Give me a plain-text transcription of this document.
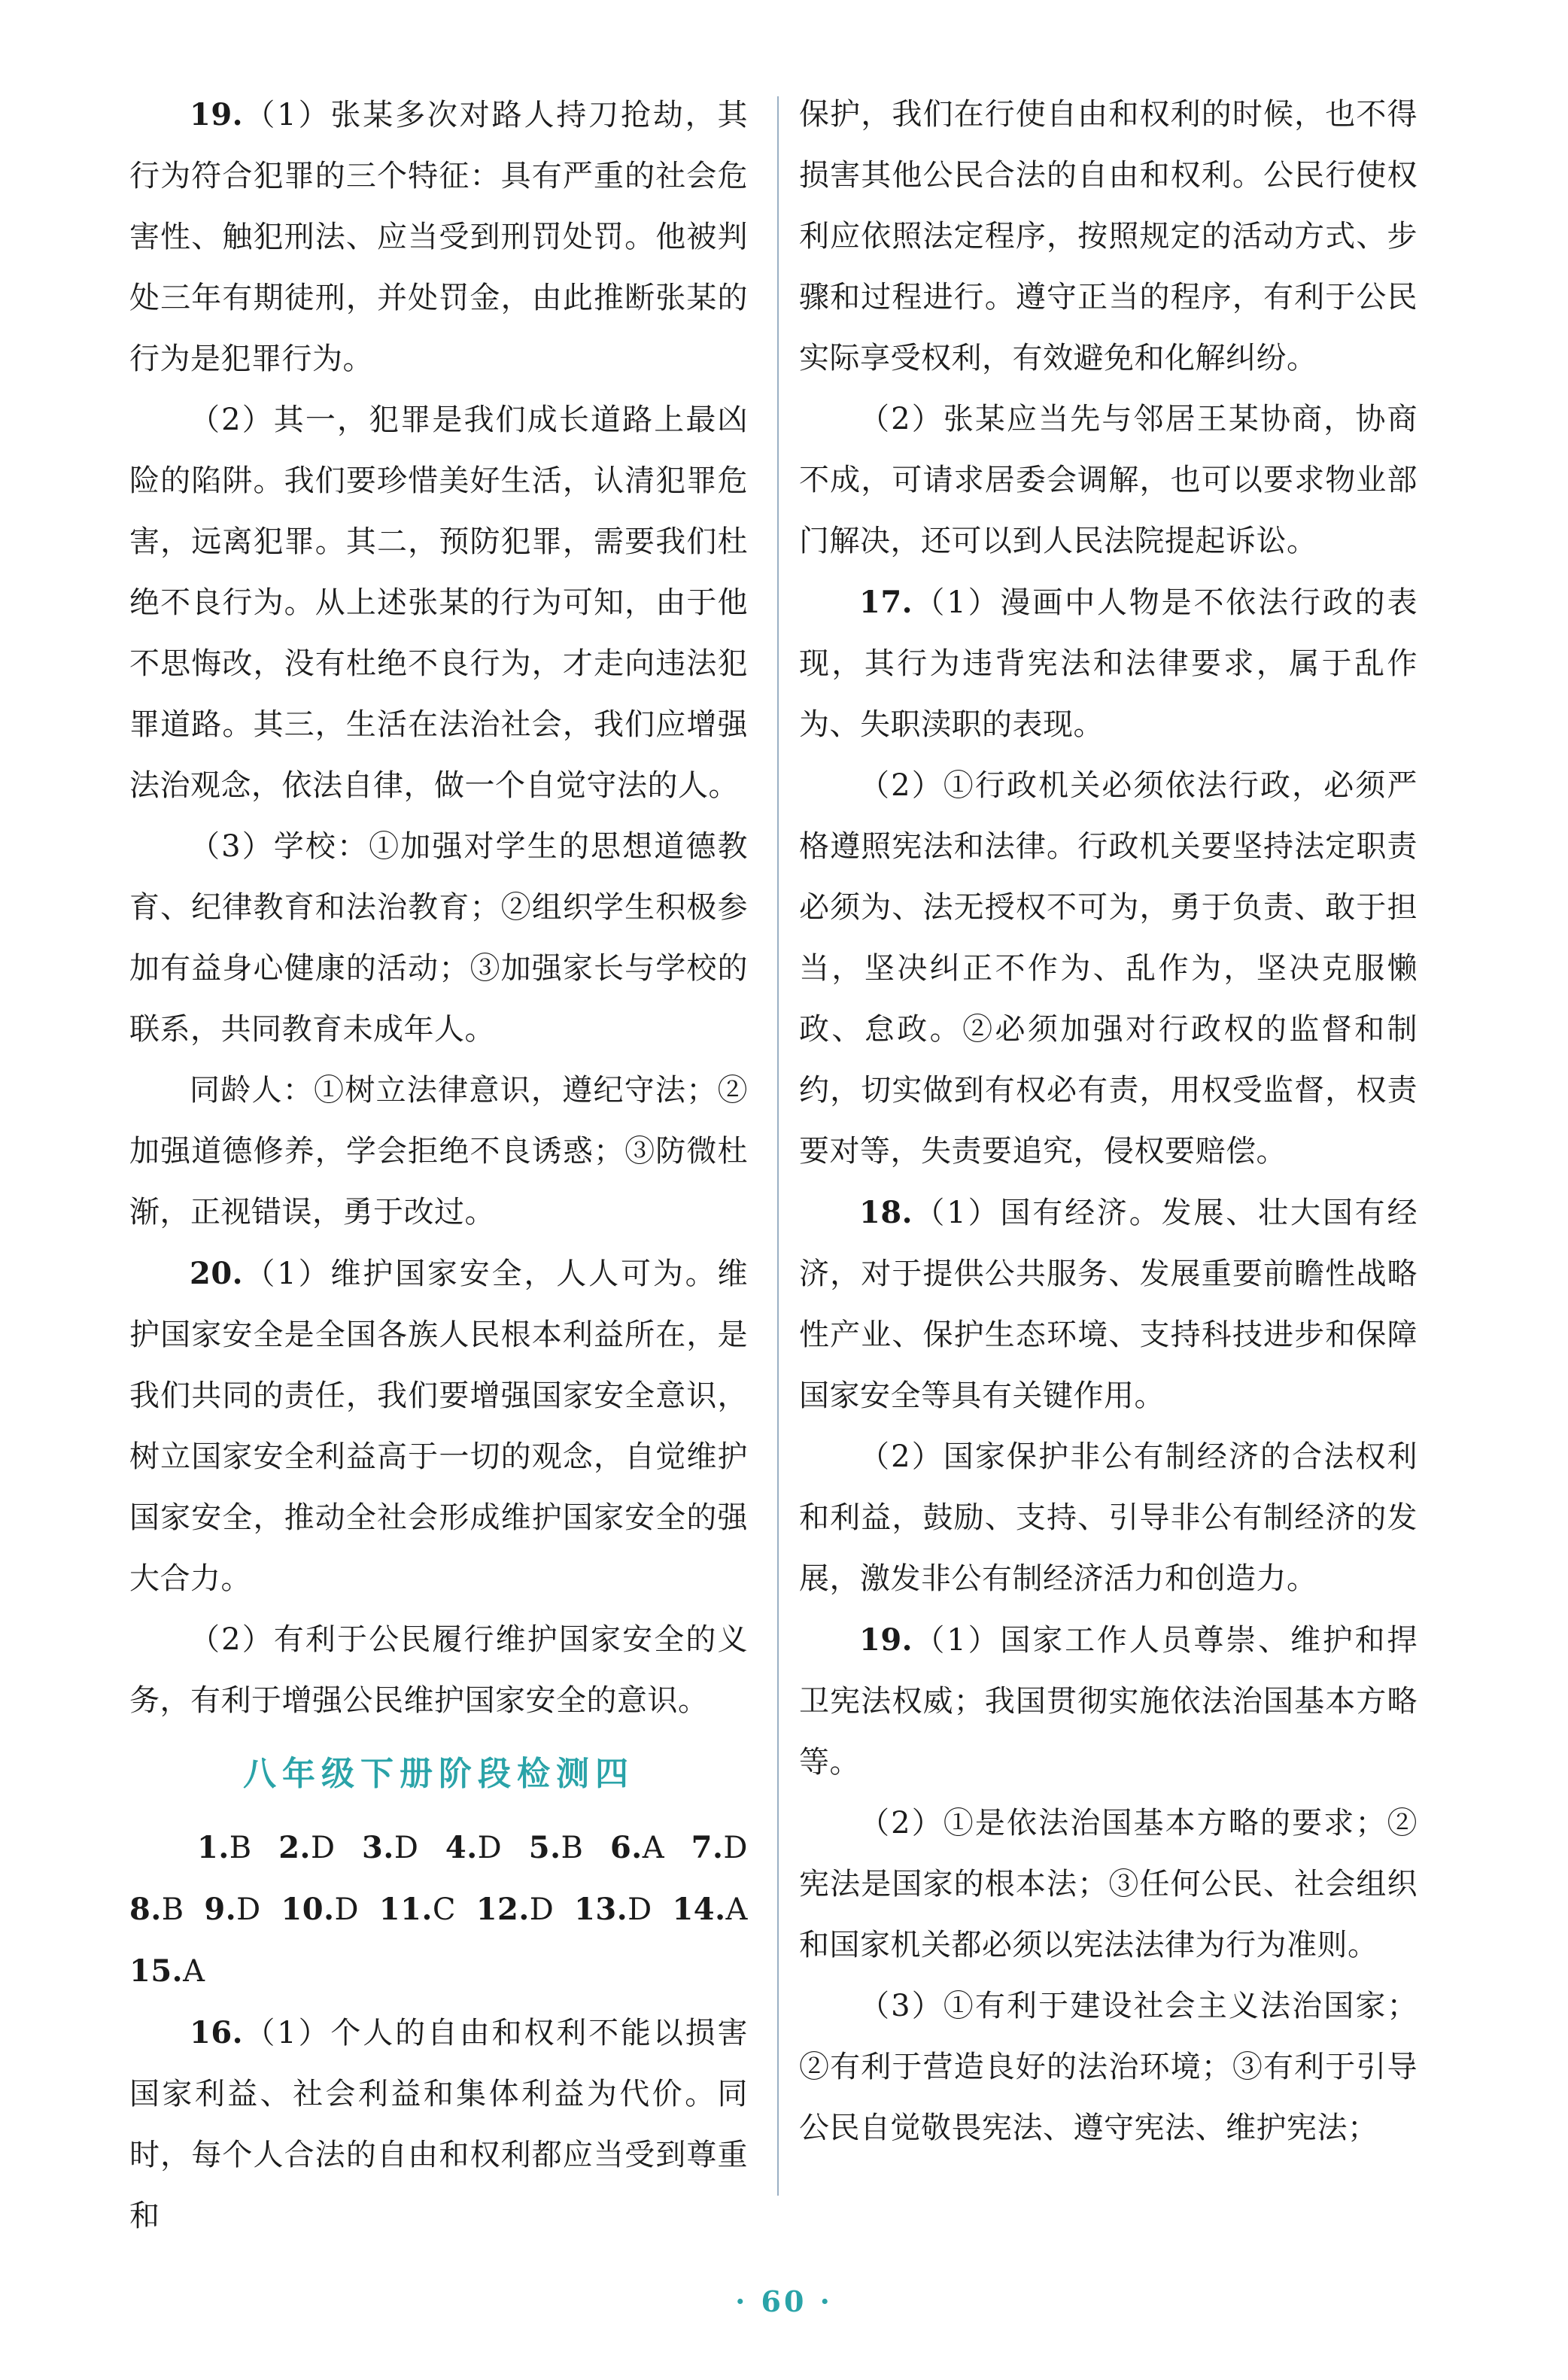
19.（1）张某多次对路人持刀抢劫，其行为符合犯罪的三个特征：具有严重的社会危害性、触犯刑法、应当受到刑罚处罚。他被判处三年有期徒刑，并处罚金，由此推断张某的行为是犯罪行为。

（2）其一，犯罪是我们成长道路上最凶险的陷阱。我们要珍惜美好生活，认清犯罪危害，远离犯罪。其二，预防犯罪，需要我们杜绝不良行为。从上述张某的行为可知，由于他不思悔改，没有杜绝不良行为，才走向违法犯罪道路。其三，生活在法治社会，我们应增强法治观念，依法自律，做一个自觉守法的人。

（3）学校：①加强对学生的思想道德教育、纪律教育和法治教育；②组织学生积极参加有益身心健康的活动；③加强家长与学校的联系，共同教育未成年人。

同龄人：①树立法律意识，遵纪守法；②加强道德修养，学会拒绝不良诱惑；③防微杜渐，正视错误，勇于改过。

20.（1）维护国家安全，人人可为。维护国家安全是全国各族人民根本利益所在，是我们共同的责任，我们要增强国家安全意识，树立国家安全利益高于一切的观念，自觉维护国家安全，推动全社会形成维护国家安全的强大合力。

（2）有利于公民履行维护国家安全的义务，有利于增强公民维护国家安全的意识。

八年级下册阶段检测四
1.B 2.D 3.D 4.D 5.B 6.A 7.D
8.B 9.D 10.D 11.C 12.D 13.D 14.A
15.A

16.（1）个人的自由和权利不能以损害国家利益、社会利益和集体利益为代价。同时，每个人合法的自由和权利都应当受到尊重和

保护，我们在行使自由和权利的时候，也不得损害其他公民合法的自由和权利。公民行使权利应依照法定程序，按照规定的活动方式、步骤和过程进行。遵守正当的程序，有利于公民实际享受权利，有效避免和化解纠纷。

（2）张某应当先与邻居王某协商，协商不成，可请求居委会调解，也可以要求物业部门解决，还可以到人民法院提起诉讼。

17.（1）漫画中人物是不依法行政的表现，其行为违背宪法和法律要求，属于乱作为、失职渎职的表现。

（2）①行政机关必须依法行政，必须严格遵照宪法和法律。行政机关要坚持法定职责必须为、法无授权不可为，勇于负责、敢于担当，坚决纠正不作为、乱作为，坚决克服懒政、怠政。②必须加强对行政权的监督和制约，切实做到有权必有责，用权受监督，权责要对等，失责要追究，侵权要赔偿。

18.（1）国有经济。发展、壮大国有经济，对于提供公共服务、发展重要前瞻性战略性产业、保护生态环境、支持科技进步和保障国家安全等具有关键作用。

（2）国家保护非公有制经济的合法权利和利益，鼓励、支持、引导非公有制经济的发展，激发非公有制经济活力和创造力。

19.（1）国家工作人员尊崇、维护和捍卫宪法权威；我国贯彻实施依法治国基本方略等。

（2）①是依法治国基本方略的要求；②宪法是国家的根本法；③任何公民、社会组织和国家机关都必须以宪法法律为行为准则。

（3）①有利于建设社会主义法治国家；②有利于营造良好的法治环境；③有利于引导公民自觉敬畏宪法、遵守宪法、维护宪法；

· 60 ·
